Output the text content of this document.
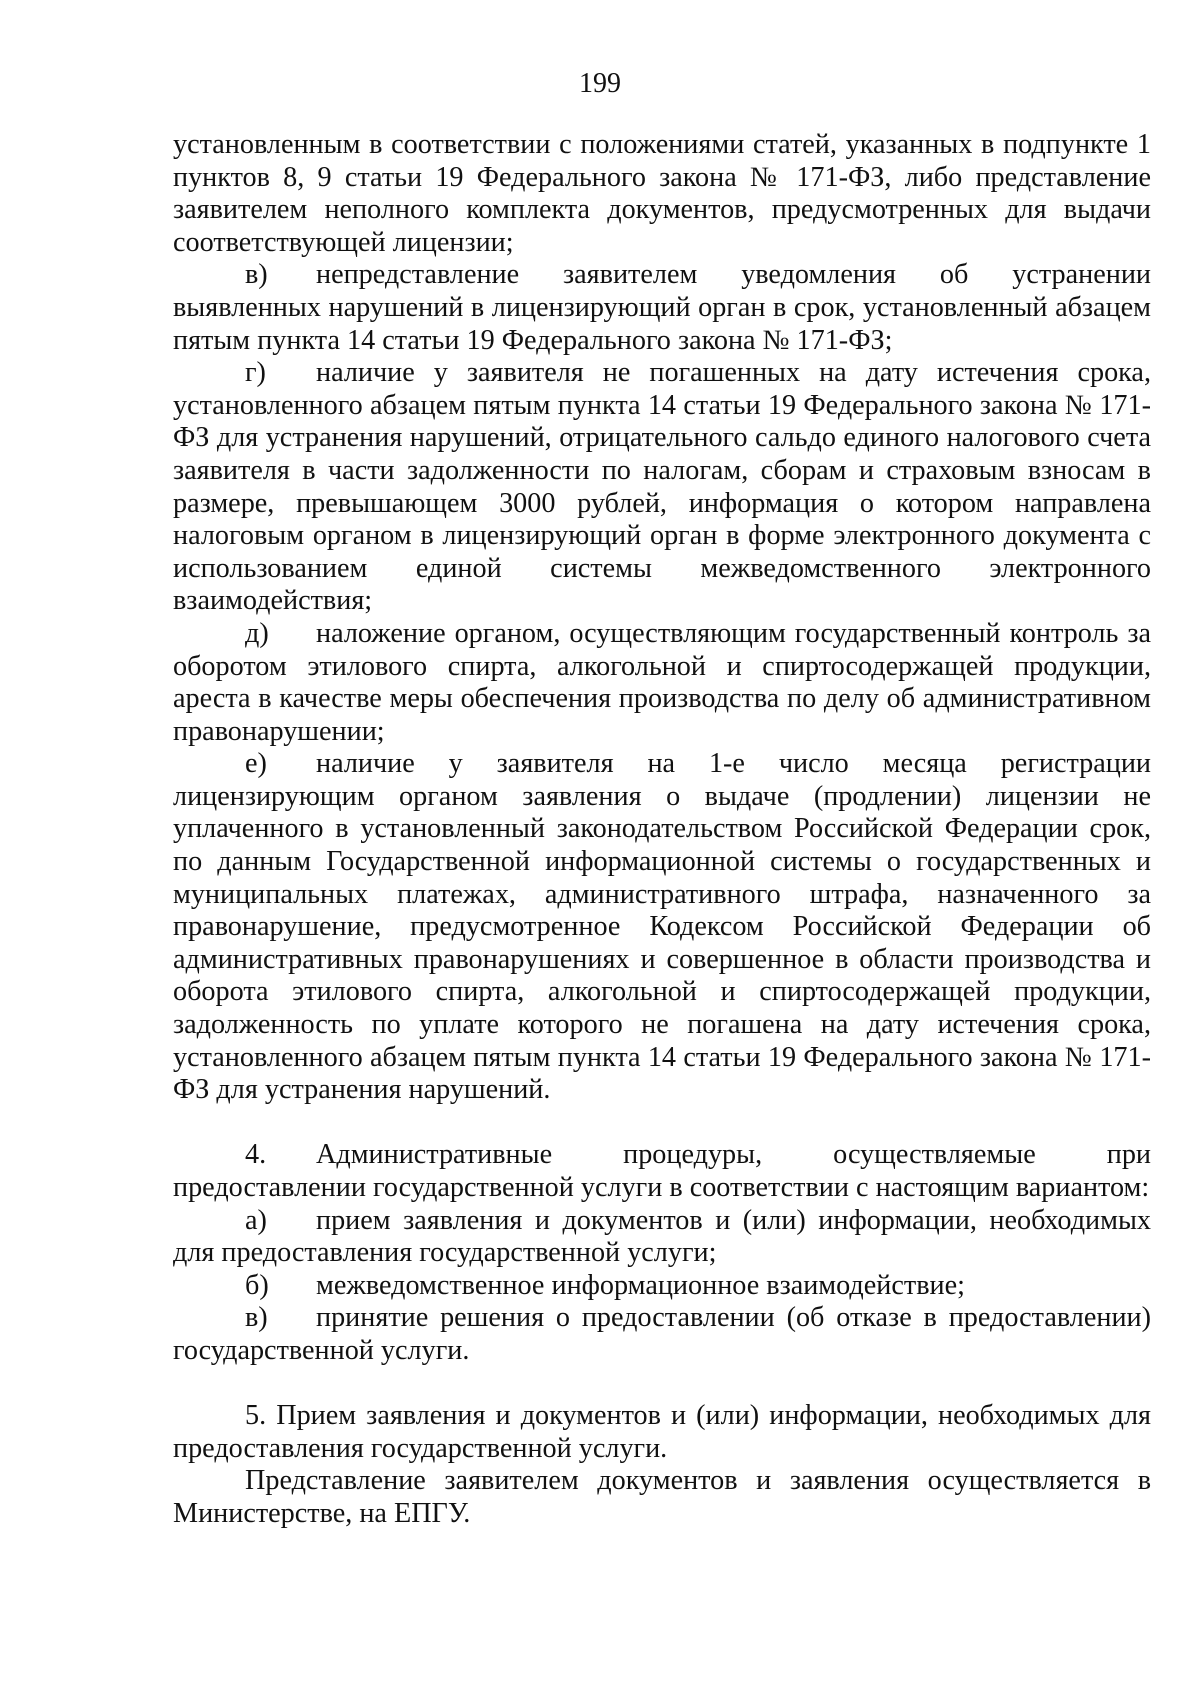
199

установленным в соответствии с положениями статей, указанных в подпункте 1 пунктов 8, 9 статьи 19 Федерального закона № 171-ФЗ, либо представление заявителем неполного комплекта документов, предусмотренных для выдачи соответствующей лицензии;

в) непредставление заявителем уведомления об устранении выявленных нарушений в лицензирующий орган в срок, установленный абзацем пятым пункта 14 статьи 19 Федерального закона № 171-ФЗ;

г) наличие у заявителя не погашенных на дату истечения срока, установленного абзацем пятым пункта 14 статьи 19 Федерального закона № 171-ФЗ для устранения нарушений, отрицательного сальдо единого налогового счета заявителя в части задолженности по налогам, сборам и страховым взносам в размере, превышающем 3000 рублей, информация о котором направлена налоговым органом в лицензирующий орган в форме электронного документа с использованием единой системы межведомственного электронного взаимодействия;

д) наложение органом, осуществляющим государственный контроль за оборотом этилового спирта, алкогольной и спиртосодержащей продукции, ареста в качестве меры обеспечения производства по делу об административном правонарушении;

е) наличие у заявителя на 1-е число месяца регистрации лицензирующим органом заявления о выдаче (продлении) лицензии не уплаченного в установленный законодательством Российской Федерации срок, по данным Государственной информационной системы о государственных и муниципальных платежах, административного штрафа, назначенного за правонарушение, предусмотренное Кодексом Российской Федерации об административных правонарушениях и совершенное в области производства и оборота этилового спирта, алкогольной и спиртосодержащей продукции, задолженность по уплате которого не погашена на дату истечения срока, установленного абзацем пятым пункта 14 статьи 19 Федерального закона № 171-ФЗ для устранения нарушений.

4. Административные процедуры, осуществляемые при предоставлении государственной услуги в соответствии с настоящим вариантом:

а) прием заявления и документов и (или) информации, необходимых для предоставления государственной услуги;

б) межведомственное информационное взаимодействие;

в) принятие решения о предоставлении (об отказе в предоставлении) государственной услуги.

5. Прием заявления и документов и (или) информации, необходимых для предоставления государственной услуги.

Представление заявителем документов и заявления осуществляется в Министерстве, на ЕПГУ.
